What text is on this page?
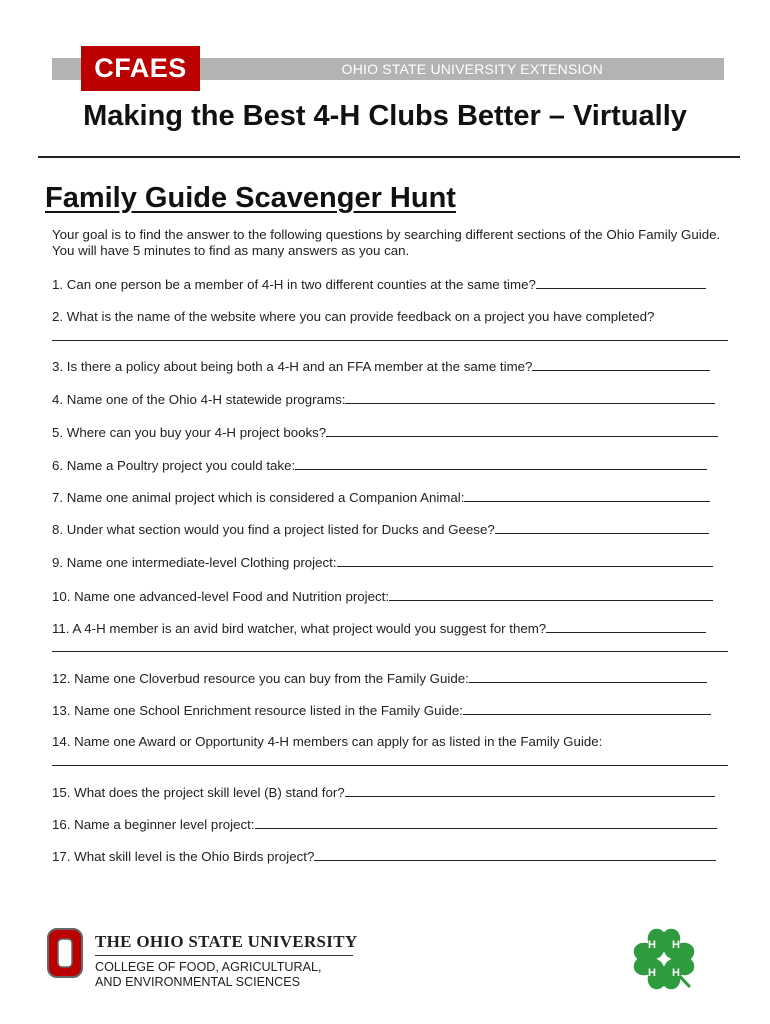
OHIO STATE UNIVERSITY EXTENSION
CFAES
Making the Best 4-H Clubs Better – Virtually
Family Guide Scavenger Hunt
Your goal is to find the answer to the following questions by searching different sections of the Ohio Family Guide. You will have 5 minutes to find as many answers as you can.
1. Can one person be a member of 4-H in two different counties at the same time?
2. What is the name of the website where you can provide feedback on a project you have completed?
3. Is there a policy about being both a 4-H and an FFA member at the same time?
4. Name one of the Ohio 4-H statewide programs:
5. Where can you buy your 4-H project books?
6. Name a Poultry project you could take:
7. Name one animal project which is considered a Companion Animal:
8. Under what section would you find a project listed for Ducks and Geese?
9. Name one intermediate-level Clothing project:
10. Name one advanced-level Food and Nutrition project:
11. A 4-H member is an avid bird watcher, what project would you suggest for them?
12. Name one Cloverbud resource you can buy from the Family Guide:
13. Name one School Enrichment resource listed in the Family Guide:
14. Name one Award or Opportunity 4-H members can apply for as listed in the Family Guide:
15. What does the project skill level (B) stand for?
16. Name a beginner level project:
17. What skill level is the Ohio Birds project?
THE OHIO STATE UNIVERSITY
COLLEGE OF FOOD, AGRICULTURAL,
AND ENVIRONMENTAL SCIENCES
H H
H H
